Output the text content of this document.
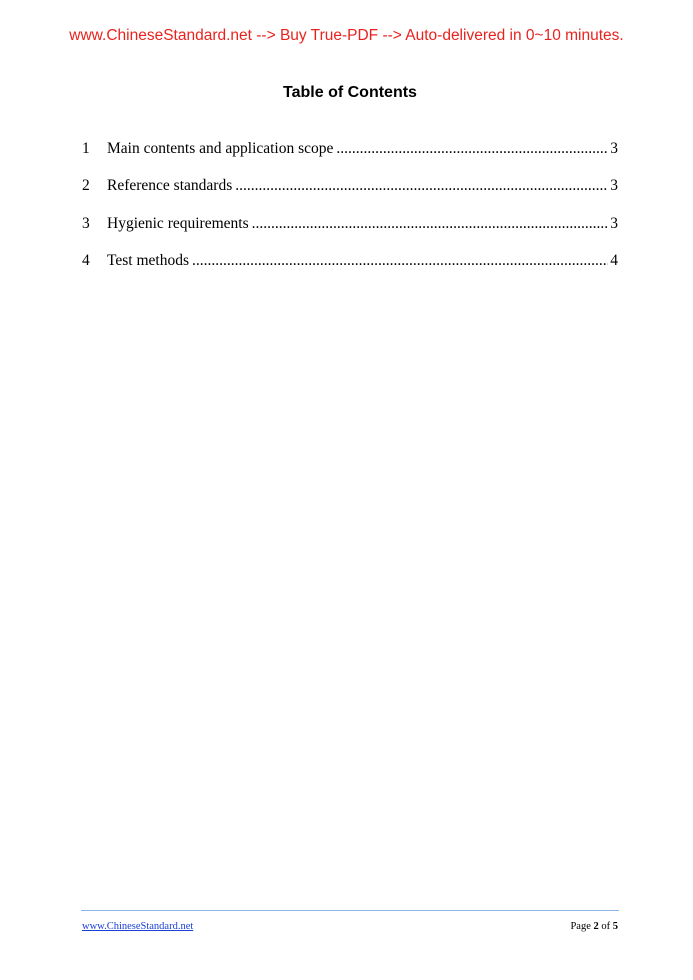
www.ChineseStandard.net --> Buy True-PDF --> Auto-delivered in 0~10 minutes.
Table of Contents
1	Main contents and application scope .....	3
2	Reference standards .....	3
3	Hygienic requirements .....	3
4	Test methods .....	4
www.ChineseStandard.net	Page 2 of 5
